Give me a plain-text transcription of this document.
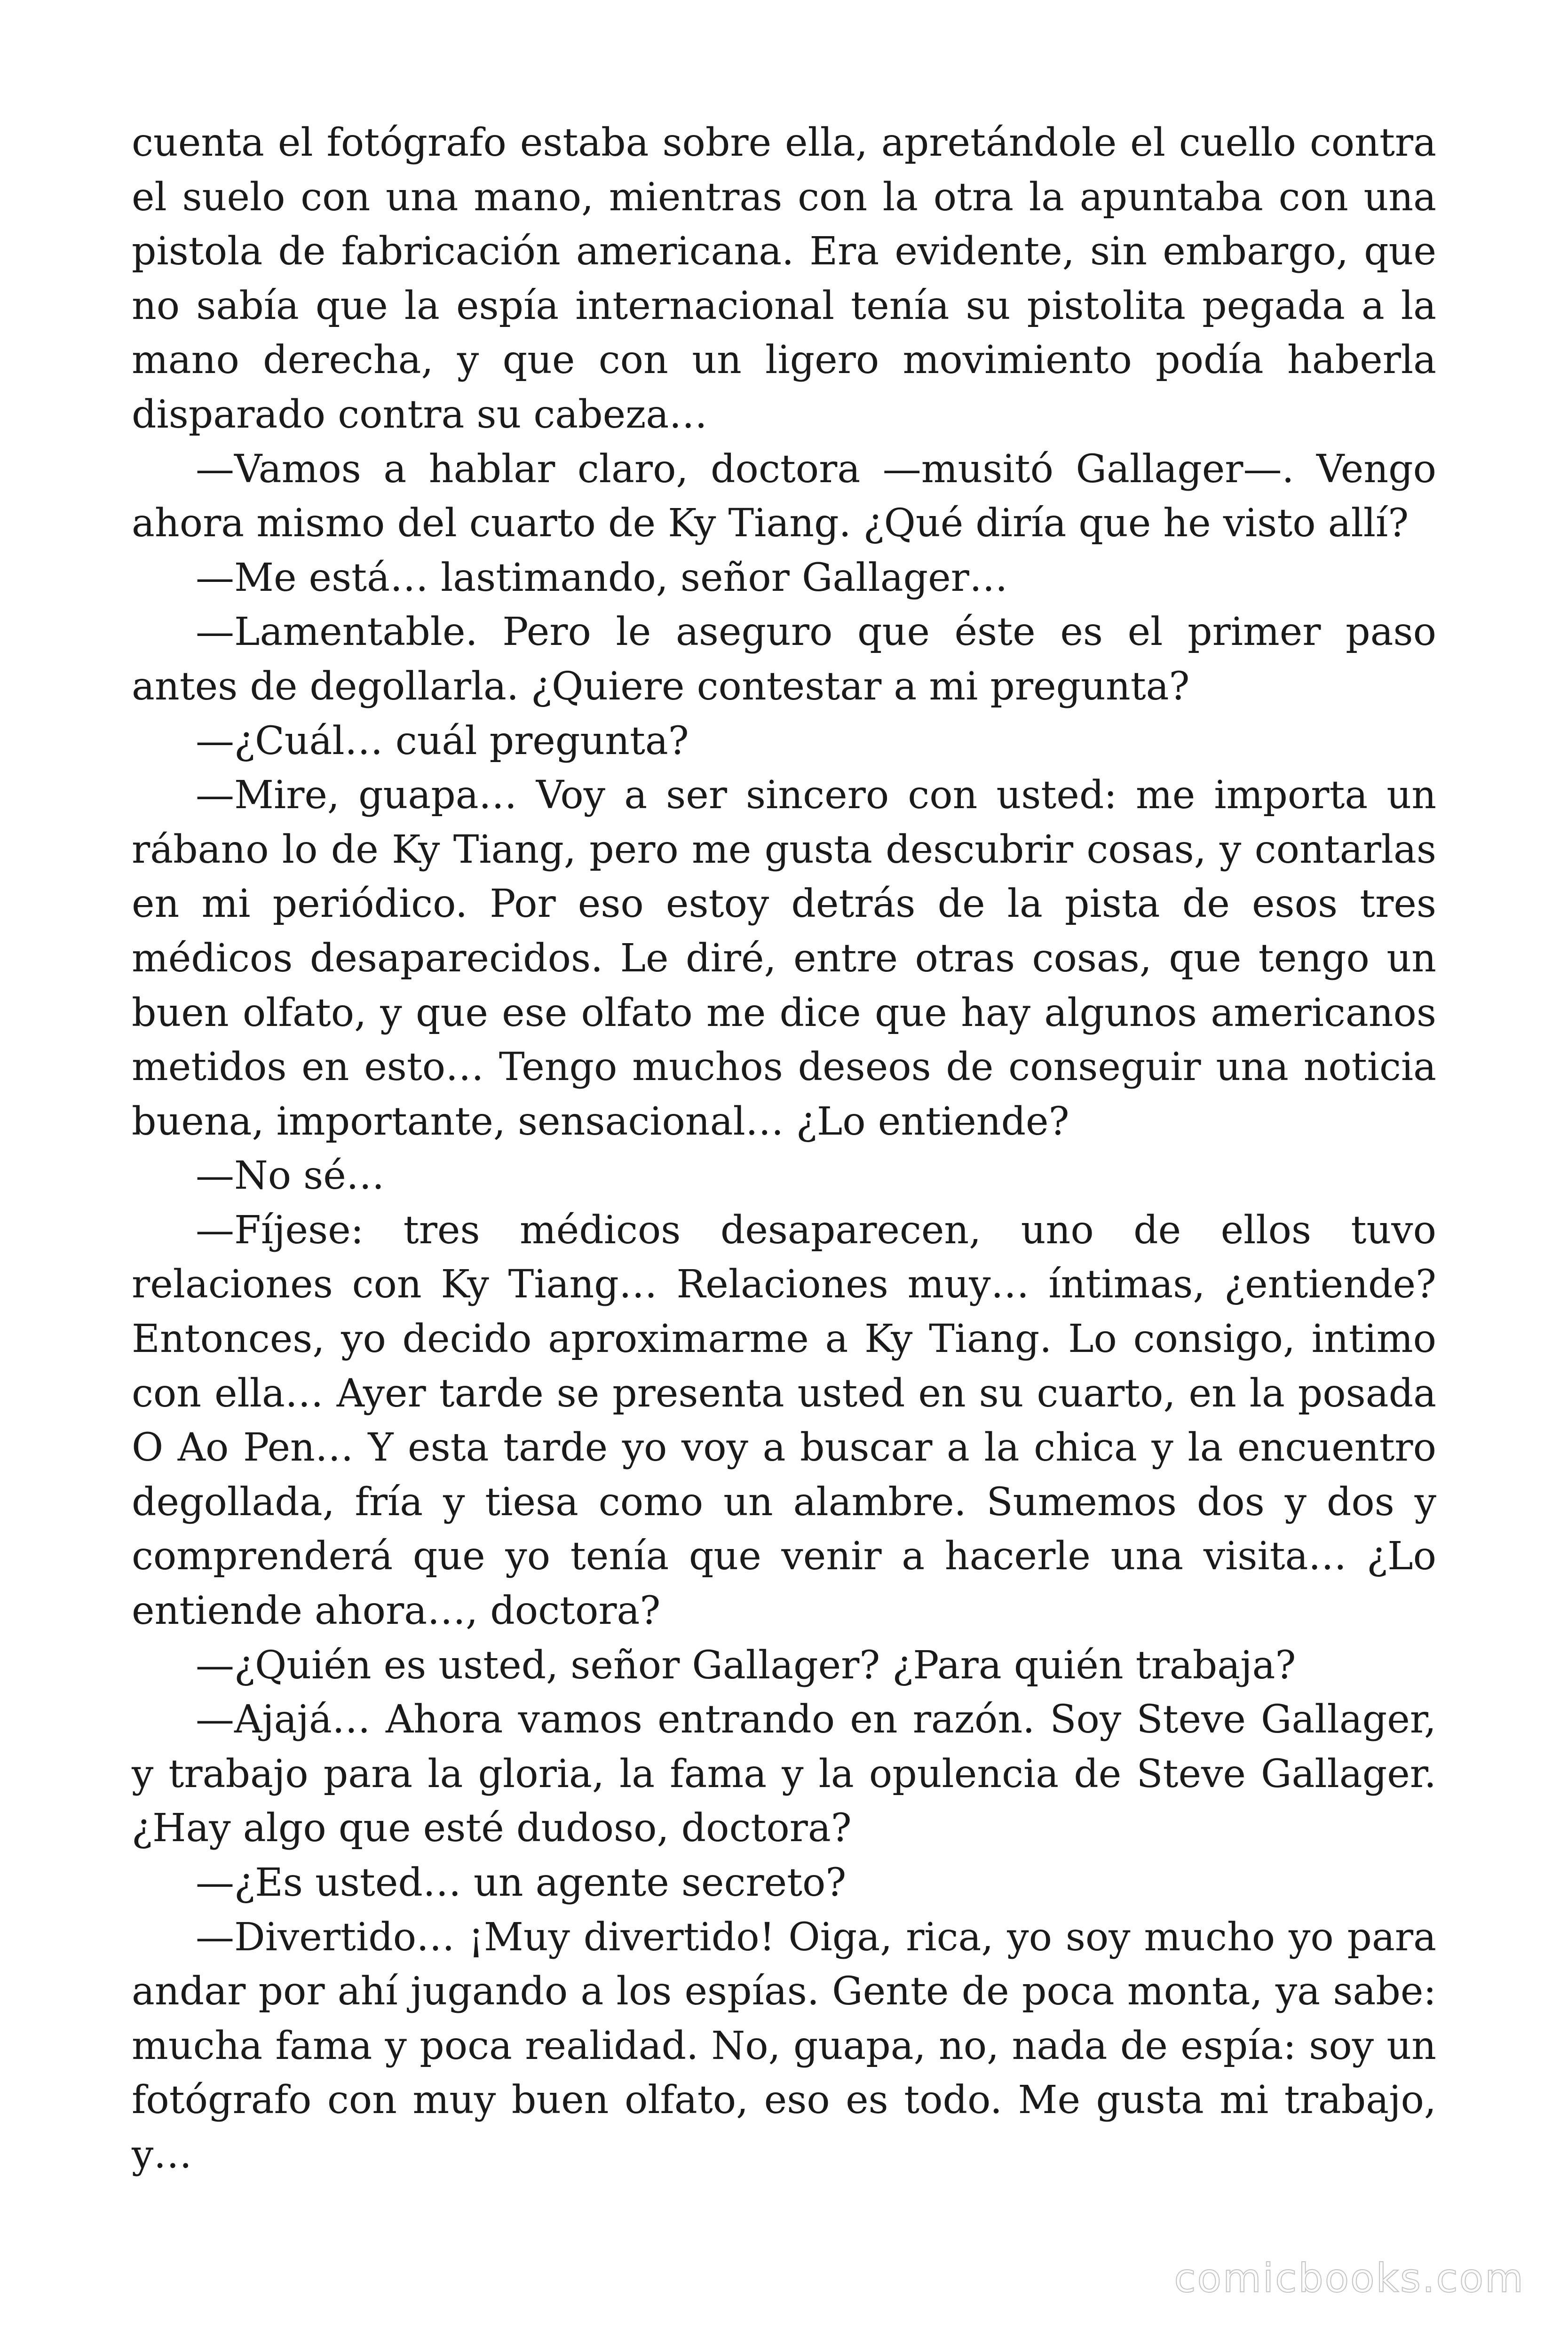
cuenta el fotógrafo estaba sobre ella, apretándole el cuello contra el suelo con una mano, mientras con la otra la apuntaba con una pistola de fabricación americana. Era evidente, sin embargo, que no sabía que la espía internacional tenía su pistolita pegada a la mano derecha, y que con un ligero movimiento podía haberla disparado contra su cabeza…

—Vamos a hablar claro, doctora —musitó Gallager—. Vengo ahora mismo del cuarto de Ky Tiang. ¿Qué diría que he visto allí?

—Me está… lastimando, señor Gallager…

—Lamentable. Pero le aseguro que éste es el primer paso antes de degollarla. ¿Quiere contestar a mi pregunta?

—¿Cuál… cuál pregunta?

—Mire, guapa… Voy a ser sincero con usted: me importa un rábano lo de Ky Tiang, pero me gusta descubrir cosas, y contarlas en mi periódico. Por eso estoy detrás de la pista de esos tres médicos desaparecidos. Le diré, entre otras cosas, que tengo un buen olfato, y que ese olfato me dice que hay algunos americanos metidos en esto… Tengo muchos deseos de conseguir una noticia buena, importante, sensacional… ¿Lo entiende?

—No sé…

—Fíjese: tres médicos desaparecen, uno de ellos tuvo relaciones con Ky Tiang… Relaciones muy… íntimas, ¿entiende? Entonces, yo decido aproximarme a Ky Tiang. Lo consigo, intimo con ella… Ayer tarde se presenta usted en su cuarto, en la posada O Ao Pen… Y esta tarde yo voy a buscar a la chica y la encuentro degollada, fría y tiesa como un alambre. Sumemos dos y dos y comprenderá que yo tenía que venir a hacerle una visita… ¿Lo entiende ahora…, doctora?

—¿Quién es usted, señor Gallager? ¿Para quién trabaja?

—Ajajá… Ahora vamos entrando en razón. Soy Steve Gallager, y trabajo para la gloria, la fama y la opulencia de Steve Gallager. ¿Hay algo que esté dudoso, doctora?

—¿Es usted… un agente secreto?

—Divertido… ¡Muy divertido! Oiga, rica, yo soy mucho yo para andar por ahí jugando a los espías. Gente de poca monta, ya sabe: mucha fama y poca realidad. No, guapa, no, nada de espía: soy un fotógrafo con muy buen olfato, eso es todo. Me gusta mi trabajo, y…

comicbooks.com
